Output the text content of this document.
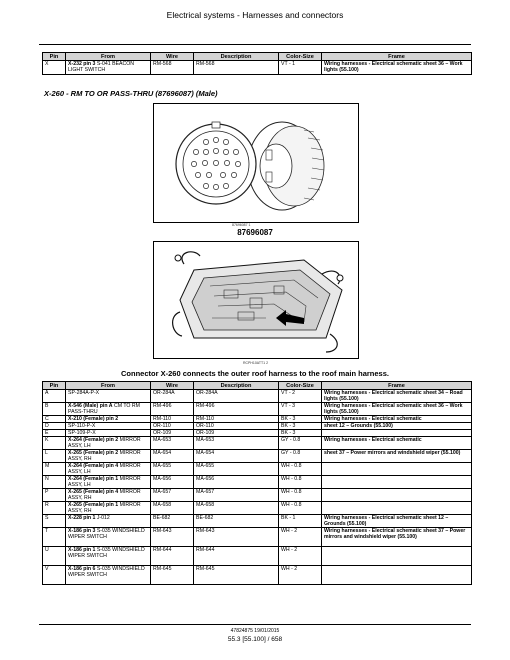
Electrical systems - Harnesses and connectors
Pin	From	Wire	Description	Color-Size	Frame
X	X-232 pin 3 S-041 BEACON LIGHT SWITCH	RM-568	RM-568	VT - 1	Wiring harnesses - Electrical schematic sheet 36 – Work lights (55.100)
X-260 - RM TO OR PASS-THRU (87696087) (Male)
87696087 1
87696087
RCPH10ATT1 2
Connector X-260 connects the outer roof harness to the roof main harness.
Pin	From	Wire	Description	Color-Size	Frame
A	SP-284A-P-X	OR-284A	OR-284A	VT - 2	Wiring harnesses - Electrical schematic sheet 34 – Road lights (55.100)
B	X-546 (Male) pin A CM TO RM PASS-THRU	RM-496	RM-496	VT - 3	Wiring harnesses - Electrical schematic sheet 36 – Work lights (55.100)
C	X-210 (Female) pin 2	RM-110	RM-110	BK - 3	Wiring harnesses - Electrical schematic
D	SP-110-P-X	OR-110	OR-110	BK - 3	sheet 12 – Grounds (55.100)
E	SP-109-P-X	OR-109	OR-109	BK - 3	
K	X-264 (Female) pin 2 MIRROR ASSY, LH	MA-653	MA-653	GY - 0.8	Wiring harnesses - Electrical schematic
L	X-265 (Female) pin 2 MIRROR ASSY, RH	MA-654	MA-654	GY - 0.8	sheet 37 – Power mirrors and windshield wiper (55.100)
M	X-264 (Female) pin 4 MIRROR ASSY, LH	MA-655	MA-655	WH - 0.8	
N	X-264 (Female) pin 1 MIRROR ASSY, LH	MA-656	MA-656	WH - 0.8	
P	X-265 (Female) pin 4 MIRROR ASSY, RH	MA-657	MA-657	WH - 0.8	
R	X-265 (Female) pin 1 MIRROR ASSY, RH	MA-658	MA-658	WH - 0.8	
S	X-228 pin 1 J-012	BE-682	BE-682	BK - 1	Wiring harnesses - Electrical schematic sheet 12 – Grounds (55.100)
T	X-186 pin 3 S-035 WINDSHIELD WIPER SWITCH	RM-643	RM-643	WH - 2	Wiring harnesses - Electrical schematic sheet 37 – Power mirrors and windshield wiper (55.100)
U	X-186 pin 1 S-035 WINDSHIELD WIPER SWITCH	RM-644	RM-644	WH - 2	
V	X-186 pin 6 S-035 WINDSHIELD WIPER SWITCH	RM-645	RM-645	WH - 2	
47824875 19/01/2015
55.3 [55.100] / 658
